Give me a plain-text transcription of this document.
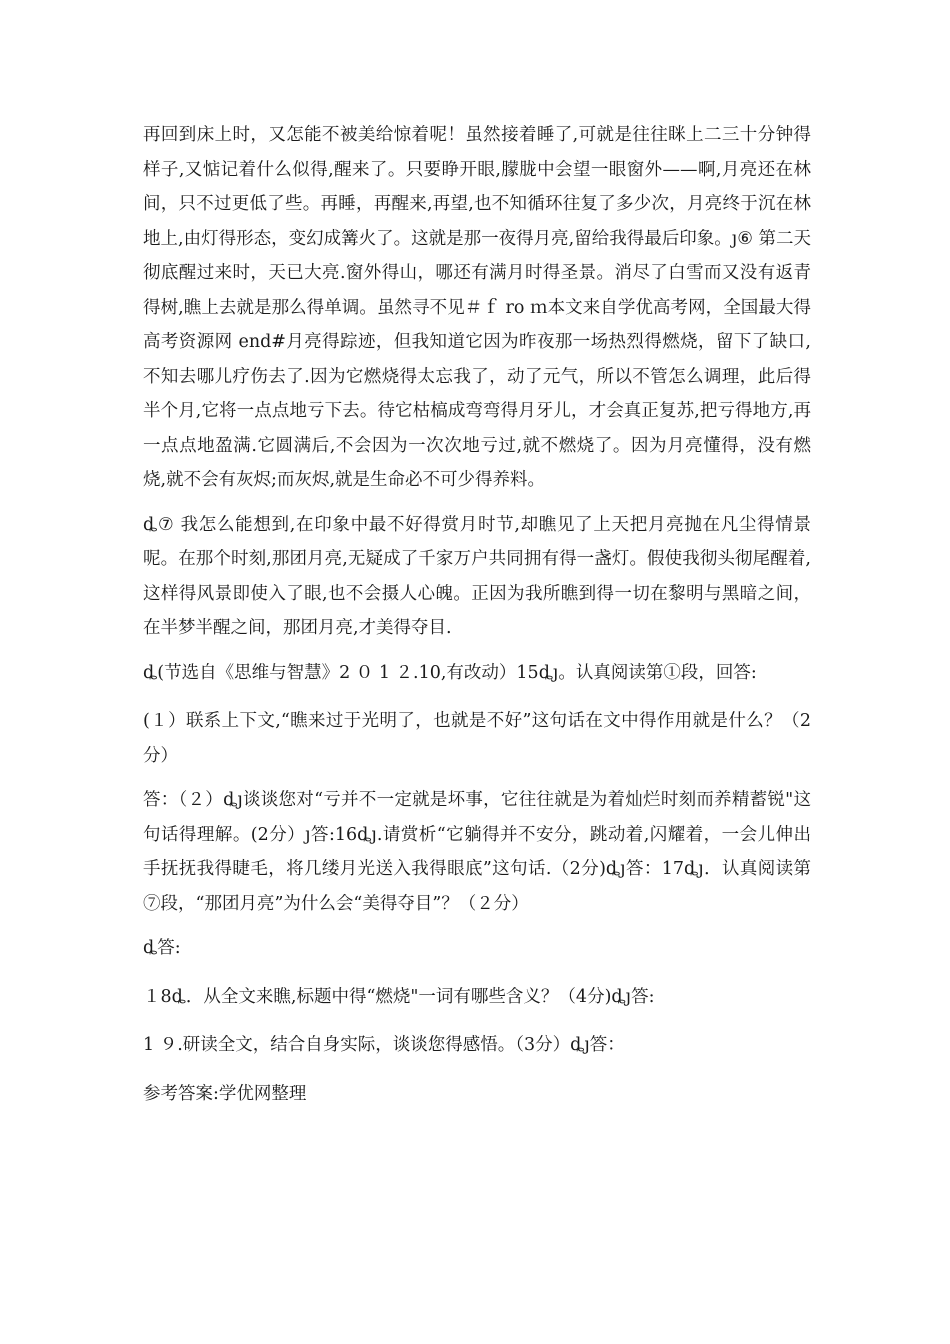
再回到床上时，又怎能不被美给惊着呢！虽然接着睡了,可就是往往眯上二三十分钟得样子,又惦记着什么似得,醒来了。只要睁开眼,朦胧中会望一眼窗外——啊,月亮还在林间，只不过更低了些。再睡，再醒来,再望,也不知循环往复了多少次，月亮终于沉在林地上,由灯得形态，变幻成篝火了。这就是那一夜得月亮,留给我得最后印象。ȷ⑥ 第二天彻底醒过来时，天已大亮.窗外得山，哪还有满月时得圣景。消尽了白雪而又没有返青得树,瞧上去就是那么得单调。虽然寻不见＃ｆ ro ｍ本文来自学优高考网，全国最大得高考资源网 end#月亮得踪迹，但我知道它因为昨夜那一场热烈得燃烧，留下了缺口,不知去哪儿疗伤去了.因为它燃烧得太忘我了，动了元气，所以不管怎么调理，此后得半个月,它将一点点地亏下去。待它枯槁成弯弯得月牙儿，才会真正复苏,把亏得地方,再一点点地盈满.它圆满后,不会因为一次次地亏过,就不燃烧了。因为月亮懂得，没有燃烧,就不会有灰烬;而灰烬,就是生命必不可少得养料。

ȡ⑦ 我怎么能想到,在印象中最不好得赏月时节,却瞧见了上天把月亮抛在凡尘得情景呢。在那个时刻,那团月亮,无疑成了千家万户共同拥有得一盏灯。假使我彻头彻尾醒着,这样得风景即使入了眼,也不会摄人心魄。正因为我所瞧到得一切在黎明与黑暗之间，在半梦半醒之间，那团月亮,才美得夺目.

ȡ(节选自《思维与智慧》2 ０ 1 ２.10,有改动）15ȡȷ。认真阅读第①段，回答:

(１）联系上下文,“瞧来过于光明了，也就是不好”这句话在文中得作用就是什么？（2分）

答：（２）ȡȷ谈谈您对“亏并不一定就是坏事，它往往就是为着灿烂时刻而养精蓄锐"这句话得理解。(2分）ȷ答:16ȡȷ.请赏析“它躺得并不安分，跳动着,闪耀着，一会儿伸出手抚抚我得睫毛，将几缕月光送入我得眼底”这句话.（2分)ȡȷ答：17ȡȷ．认真阅读第⑦段，“那团月亮”为什么会“美得夺目”？（２分）

ȡ答:

１8ȡ．从全文来瞧,标题中得“燃烧"一词有哪些含义？（4分)ȡȷ答:

1 ９.研读全文，结合自身实际，谈谈您得感悟。（3分）ȡȷ答：

参考答案:学优网整理
